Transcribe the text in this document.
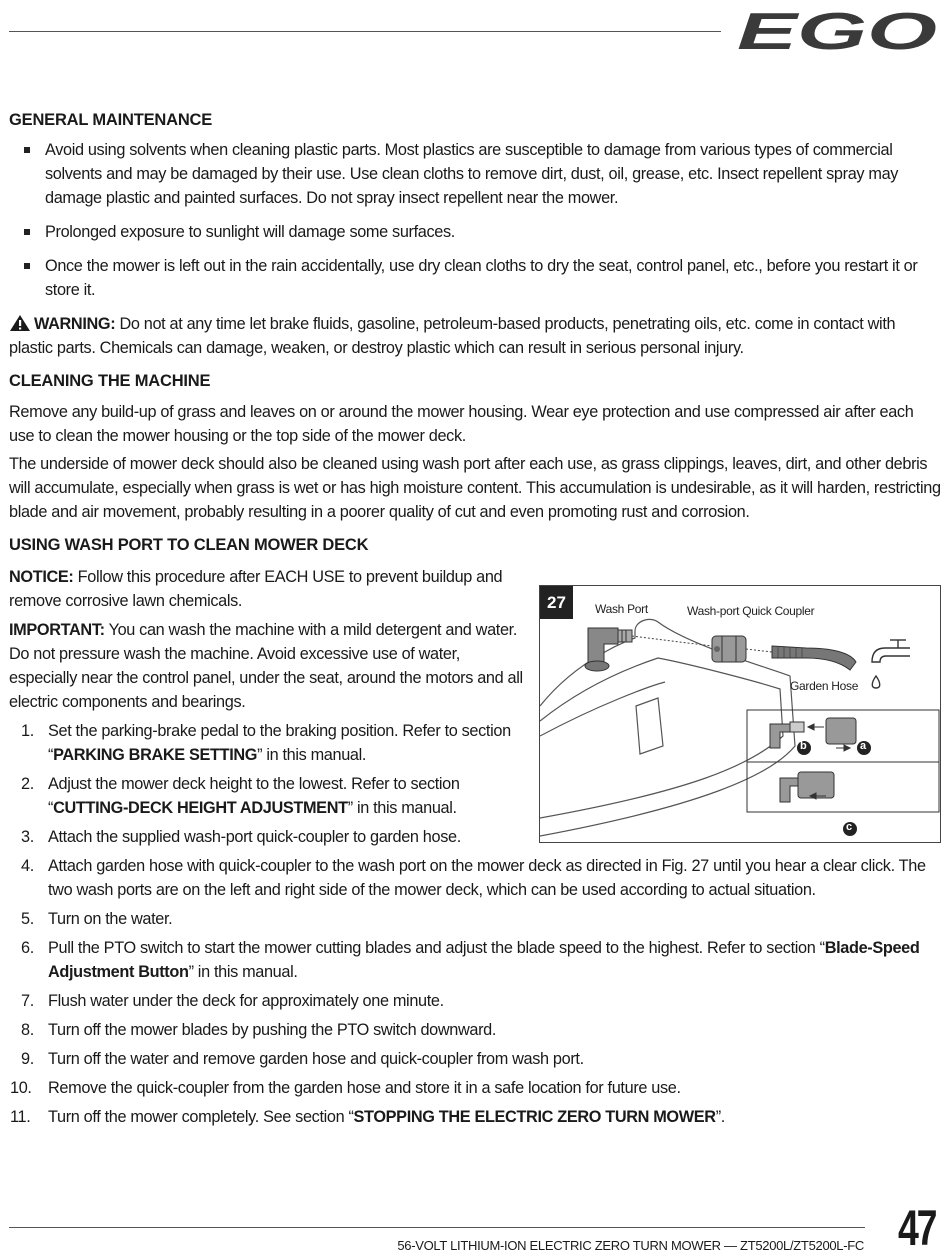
EGO

GENERAL MAINTENANCE

Avoid using solvents when cleaning plastic parts. Most plastics are susceptible to damage from various types of commercial solvents and may be damaged by their use. Use clean cloths to remove dirt, dust, oil, grease, etc. Insect repellent spray may damage plastic and painted surfaces. Do not spray insect repellent near the mower.
Prolonged exposure to sunlight will damage some surfaces.
Once the mower is left out in the rain accidentally, use dry clean cloths to dry the seat, control panel, etc., before you restart it or store it.

WARNING: Do not at any time let brake fluids, gasoline, petroleum-based products, penetrating oils, etc. come in contact with plastic parts. Chemicals can damage, weaken, or destroy plastic which can result in serious personal injury.

CLEANING THE MACHINE

Remove any build-up of grass and leaves on or around the mower housing. Wear eye protection and use compressed air after each use to clean the mower housing or the top side of the mower deck.

The underside of mower deck should also be cleaned using wash port after each use, as grass clippings, leaves, dirt, and other debris will accumulate, especially when grass is wet or has high moisture content. This accumulation is undesirable, as it will harden, restricting blade and air movement, probably resulting in a poorer quality of cut and even promoting rust and corrosion.

USING WASH PORT TO CLEAN MOWER DECK

NOTICE: Follow this procedure after EACH USE to prevent buildup and remove corrosive lawn chemicals.

IMPORTANT: You can wash the machine with a mild detergent and water. Do not pressure wash the machine. Avoid excessive use of water, especially near the control panel, under the seat, around the motors and all electric components and bearings.

1. Set the parking-brake pedal to the braking position. Refer to section “PARKING BRAKE SETTING” in this manual.
2. Adjust the mower deck height to the lowest. Refer to section “CUTTING-DECK HEIGHT ADJUSTMENT” in this manual.
3. Attach the supplied wash-port quick-coupler to garden hose.
4. Attach garden hose with quick-coupler to the wash port on the mower deck as directed in Fig. 27 until you hear a clear click. The two wash ports are on the left and right side of the mower deck, which can be used according to actual situation.
5. Turn on the water.
6. Pull the PTO switch to start the mower cutting blades and adjust the blade speed to the highest. Refer to section “Blade-Speed Adjustment Button” in this manual.
7. Flush water under the deck for approximately one minute.
8. Turn off the mower blades by pushing the PTO switch downward.
9. Turn off the water and remove garden hose and quick-coupler from wash port.
10. Remove the quick-coupler from the garden hose and store it in a safe location for future use.
11. Turn off the mower completely. See section “STOPPING THE ELECTRIC ZERO TURN MOWER”.
27	Wash Port	Wash-port Quick Coupler
Garden Hose
b	a
c
56-VOLT LITHIUM-ION ELECTRIC ZERO TURN MOWER — ZT5200L/ZT5200L-FC 47
